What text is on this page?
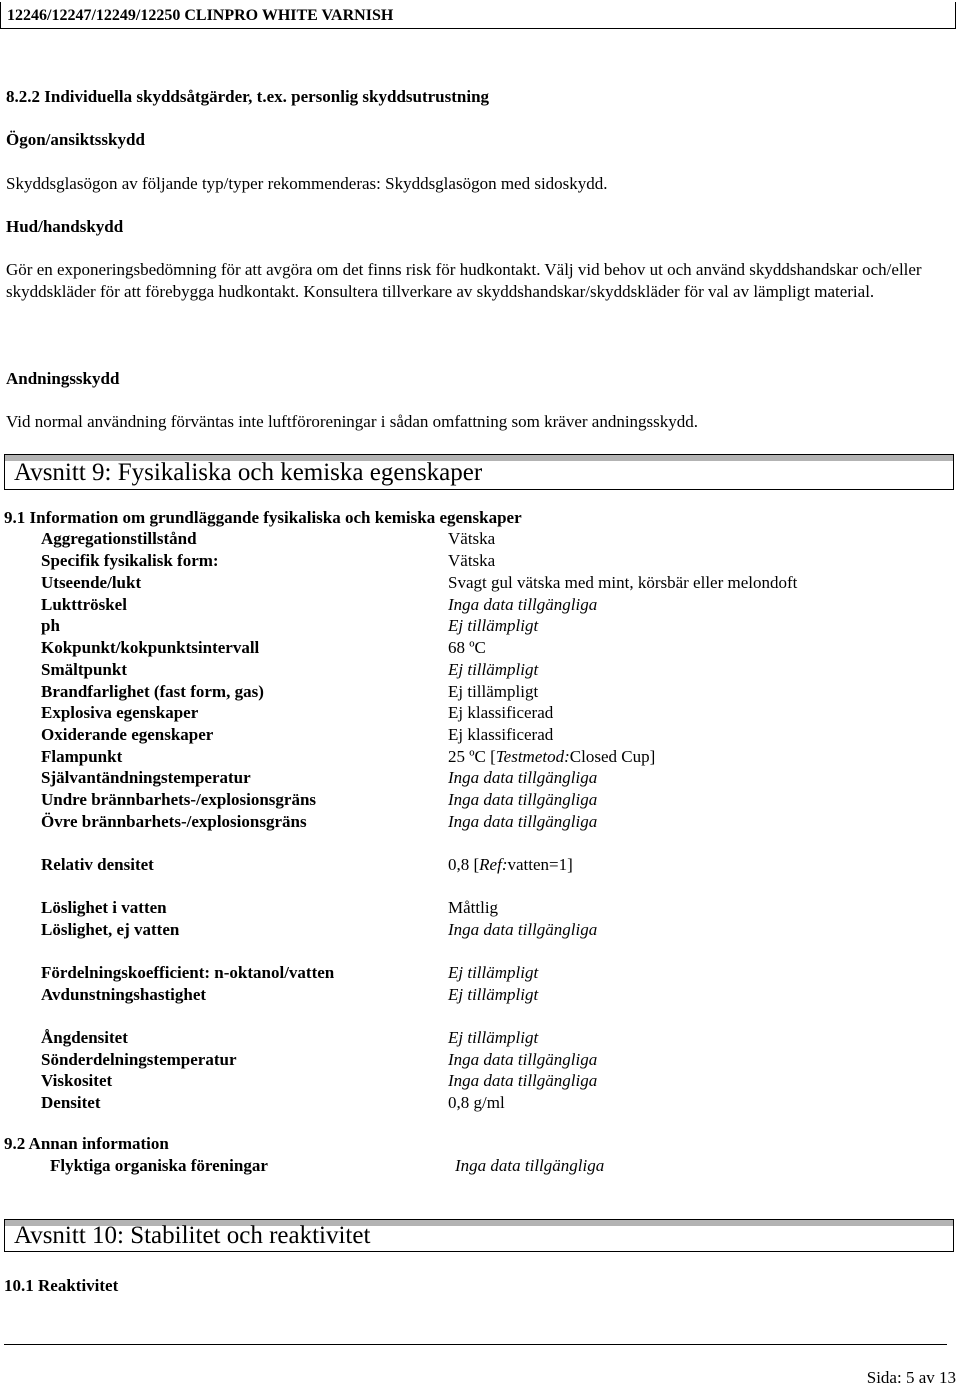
12246/12247/12249/12250 CLINPRO WHITE VARNISH
8.2.2 Individuella skyddsåtgärder, t.ex. personlig skyddsutrustning
Ögon/ansiktsskydd
Skyddsglasögon av följande typ/typer rekommenderas: Skyddsglasögon med sidoskydd.
Hud/handskydd
Gör en exponeringsbedömning för att avgöra om det finns risk för hudkontakt. Välj vid behov ut och använd skyddshandskar och/eller skyddskläder för att förebygga hudkontakt. Konsultera tillverkare av skyddshandskar/skyddskläder för val av lämpligt material.
Andningsskydd
Vid normal användning förväntas inte luftföroreningar i sådan omfattning som kräver andningsskydd.
Avsnitt 9: Fysikaliska och kemiska egenskaper
9.1 Information om grundläggande fysikaliska och kemiska egenskaper
Aggregationstillstånd	Vätska
Specifik fysikalisk form:	Vätska
Utseende/lukt	Svagt gul vätska med mint, körsbär eller melondoft
Lukttröskel	Inga data tillgängliga
ph	Ej tillämpligt
Kokpunkt/kokpunktsintervall	68 ºC
Smältpunkt	Ej tillämpligt
Brandfarlighet (fast form, gas)	Ej tillämpligt
Explosiva egenskaper	Ej klassificerad
Oxiderande egenskaper	Ej klassificerad
Flampunkt	25 ºC [Testmetod:Closed Cup]
Självantändningstemperatur	Inga data tillgängliga
Undre brännbarhets-/explosionsgräns	Inga data tillgängliga
Övre brännbarhets-/explosionsgräns	Inga data tillgängliga
Relativ densitet	0,8 [Ref:vatten=1]
Löslighet i vatten	Måttlig
Löslighet, ej vatten	Inga data tillgängliga
Fördelningskoefficient: n-oktanol/vatten	Ej tillämpligt
Avdunstningshastighet	Ej tillämpligt
Ångdensitet	Ej tillämpligt
Sönderdelningstemperatur	Inga data tillgängliga
Viskositet	Inga data tillgängliga
Densitet	0,8 g/ml
9.2 Annan information
Flyktiga organiska föreningar	Inga data tillgängliga
Avsnitt 10: Stabilitet och reaktivitet
10.1 Reaktivitet
Sida: 5 av 13
